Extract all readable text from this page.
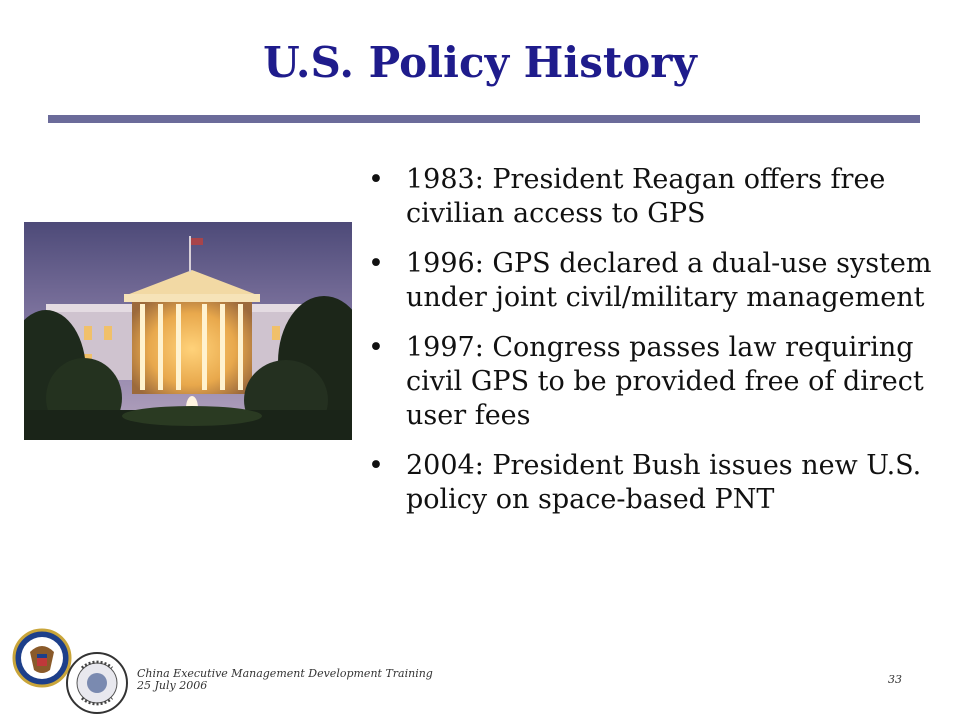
U.S. Policy History
• 1983: President Reagan offers free civilian access to GPS
• 1996: GPS declared a dual-use system under joint civil/military management
• 1997: Congress passes law requiring civil GPS to be provided free of direct user fees
• 2004: President Bush issues new U.S. policy on space-based PNT
China Executive Management Development Training
25 July 2006	33
